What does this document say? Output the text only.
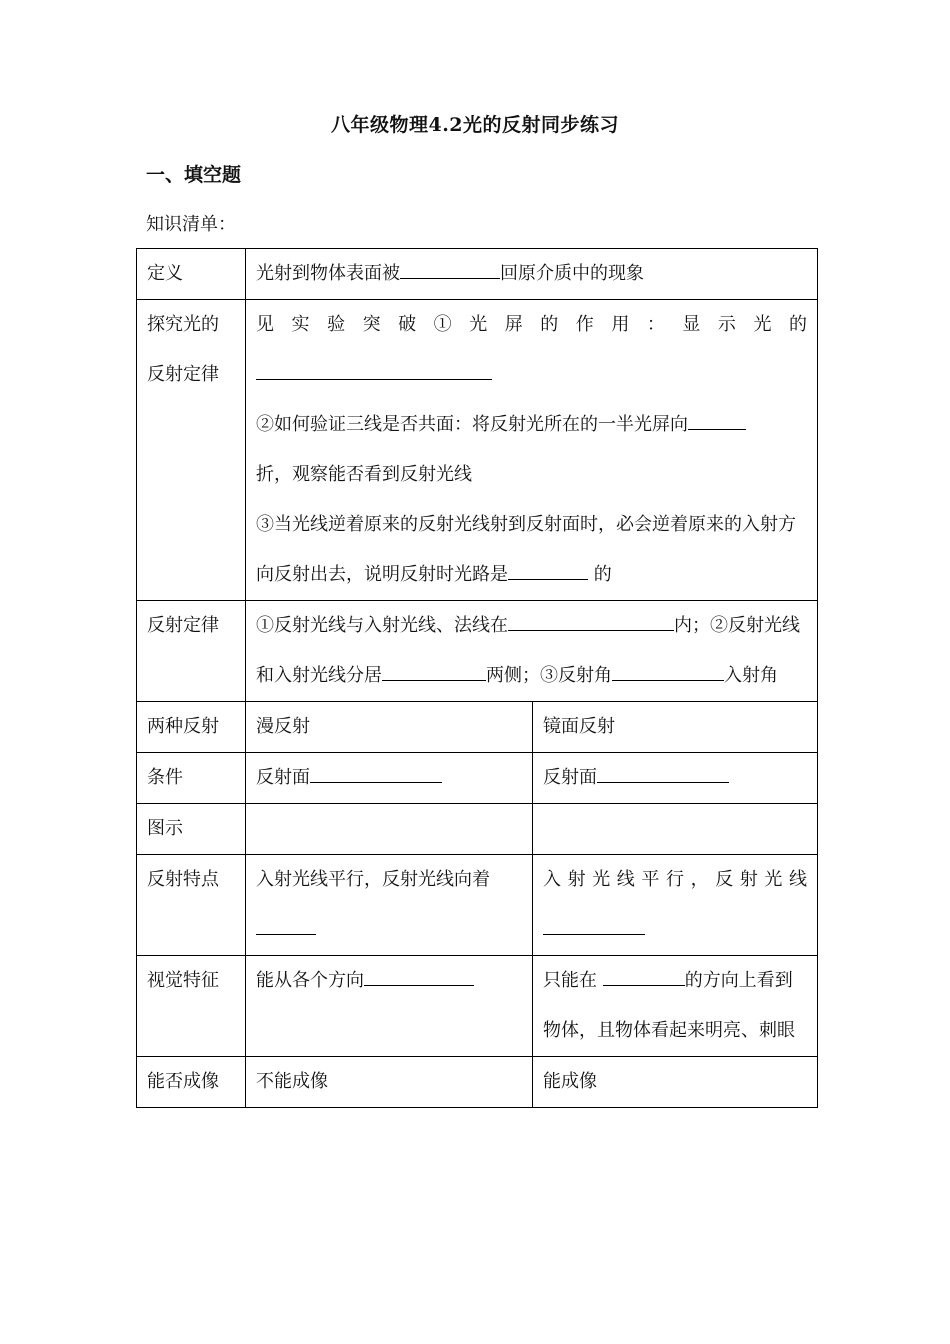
八年级物理4.2光的反射同步练习
一、填空题
知识清单：
定义	光射到物体表面被 回原介质中的现象	
探究光的反射定律	见实验突破①光屏的作用：显示光的
②如何验证三线是否共面：将反射光所在的一半光屏向
折，观察能否看到反射光线
③当光线逆着原来的反射光线射到反射面时，必会逆着原来的入射方向反射出去，说明反射时光路是 的	

反射定律	①反射光线与入射光线、法线在 内；②反射光线和入射光线分居 两侧；③反射角 入射角	
两种反射	漫反射	镜面反射
条件	反射面	反射面
图示		
反射特点	入射光线平行，反射光线向着	入射光线平行，反射光线

视觉特征	能从各个方向	只能在 的方向上看到物体，且物体看起来明亮、刺眼
能否成像	不能成像	能成像
